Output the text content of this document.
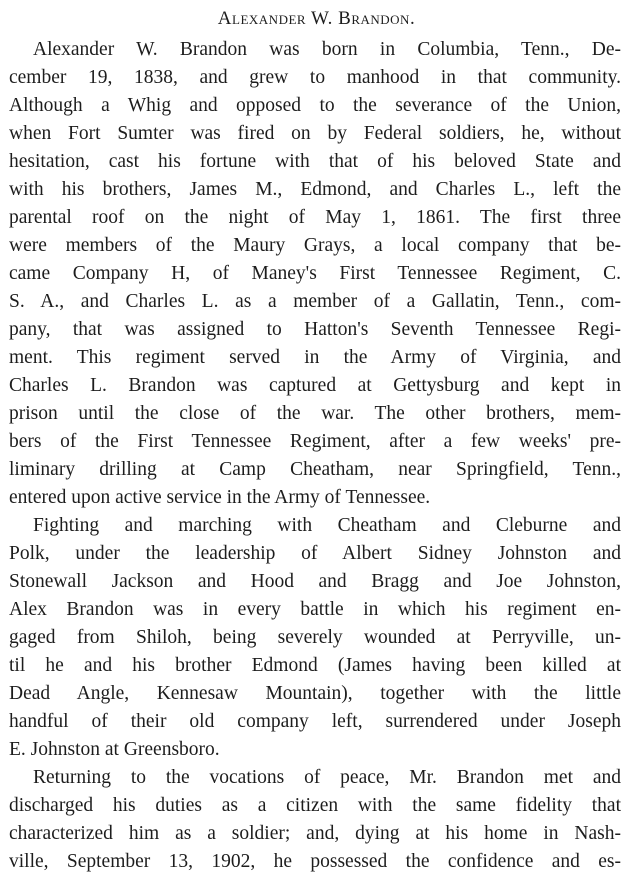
Alexander W. Brandon.
Alexander W. Brandon was born in Columbia, Tenn., De-
cember 19, 1838, and grew to manhood in that community.
Although a Whig and opposed to the severance of the Union,
when Fort Sumter was fired on by Federal soldiers, he, without
hesitation, cast his fortune with that of his beloved State and
with his brothers, James M., Edmond, and Charles L., left the
parental roof on the night of May 1, 1861. The first three
were members of the Maury Grays, a local company that be-
came Company H, of Maney's First Tennessee Regiment, C.
S. A., and Charles L. as a member of a Gallatin, Tenn., com-
pany, that was assigned to Hatton's Seventh Tennessee Regi-
ment. This regiment served in the Army of Virginia, and
Charles L. Brandon was captured at Gettysburg and kept in
prison until the close of the war. The other brothers, mem-
bers of the First Tennessee Regiment, after a few weeks' pre-
liminary drilling at Camp Cheatham, near Springfield, Tenn.,
entered upon active service in the Army of Tennessee.
Fighting and marching with Cheatham and Cleburne and
Polk, under the leadership of Albert Sidney Johnston and
Stonewall Jackson and Hood and Bragg and Joe Johnston,
Alex Brandon was in every battle in which his regiment en-
gaged from Shiloh, being severely wounded at Perryville, un-
til he and his brother Edmond (James having been killed at
Dead Angle, Kennesaw Mountain), together with the little
handful of their old company left, surrendered under Joseph
E. Johnston at Greensboro.
Returning to the vocations of peace, Mr. Brandon met and
discharged his duties as a citizen with the same fidelity that
characterized him as a soldier; and, dying at his home in Nash-
ville, September 13, 1902, he possessed the confidence and es-
